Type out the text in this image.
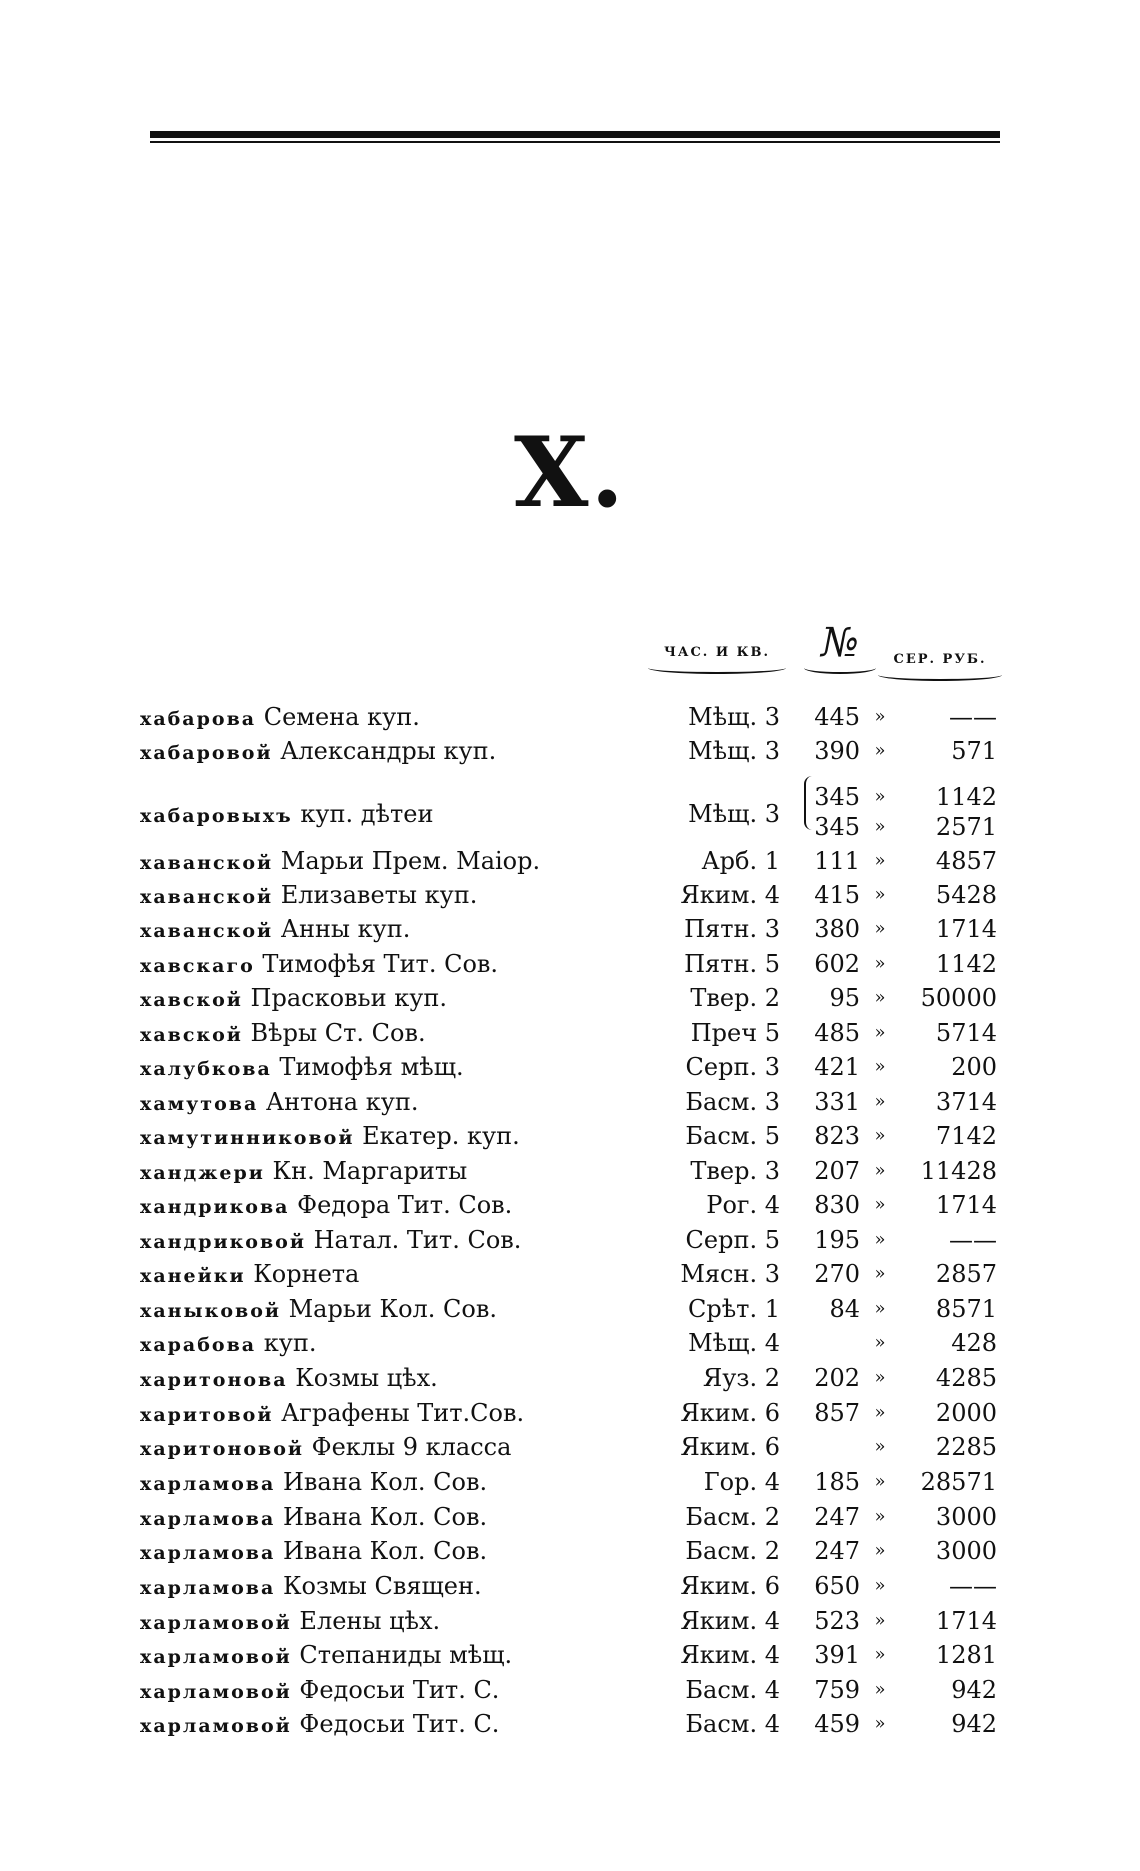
Х.
ЧАС. И КВ.	№	СЕР. РУБ.
хабарова Семена куп.	Мѣщ. 3	445 »	——
хабаровой Александры куп.	Мѣщ. 3	390 »	571
хабаровыхъ куп. дѣтеи	Мѣщ. 3
345 »	1142
345 »	2571
хаванской Марьи Прем. Маіор.	Арб. 1	111 »	4857
хаванской Елизаветы куп.	Яким. 4	415 »	5428
хаванской Анны куп.	Пятн. 3	380 »	1714
хавскаго Тимофѣя Тит. Сов.	Пятн. 5	602 »	1142
хавской Прасковьи куп.	Твер. 2	95 »	50000
хавской Вѣры Ст. Сов.	Преч 5	485 »	5714
халубкова Тимофѣя мѣщ.	Серп. 3	421 »	200
хамутова Антона куп.	Басм. 3	331 »	3714
хамутинниковой Екатер. куп.	Басм. 5	823 »	7142
ханджери Кн. Маргариты	Твер. 3	207 »	11428
хандрикова Федора Тит. Сов.	Рог. 4	830 »	1714
хандриковой Натал. Тит. Сов.	Серп. 5	195 »	——
ханейки Корнета	Мясн. 3	270 »	2857
ханыковой Марьи Кол. Сов.	Срѣт. 1	84 »	8571
харабова куп.	Мѣщ. 4	»	428
харитонова Козмы цѣх.	Яуз. 2	202 »	4285
харитовой Аграфены Тит.Сов.	Яким. 6	857 »	2000
харитоновой Феклы 9 класса	Яким. 6	»	2285
харламова Ивана Кол. Сов.	Гор. 4	185 »	28571
харламова Ивана Кол. Сов.	Басм. 2	247 »	3000
харламова Ивана Кол. Сов.	Басм. 2	247 »	3000
харламова Козмы Священ.	Яким. 6	650 »	——
харламовой Елены цѣх.	Яким. 4	523 »	1714
харламовой Степаниды мѣщ.	Яким. 4	391 »	1281
харламовой Федосьи Тит. С.	Басм. 4	759 »	942
харламовой Федосьи Тит. С.	Басм. 4	459 »	942
